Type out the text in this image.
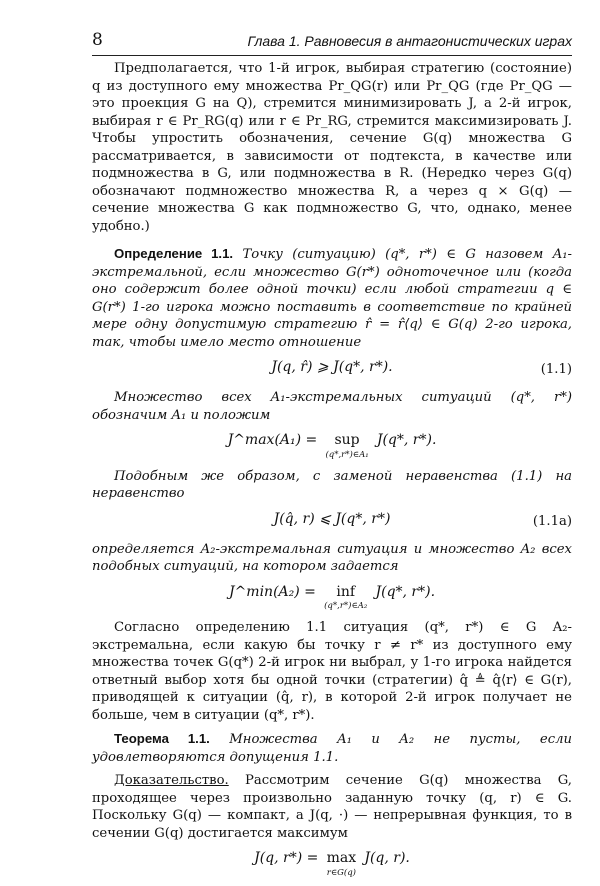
8	Глава 1. Равновесия в антагонистических играх

Предполагается, что 1-й игрок, выбирая стратегию (состояние) q из доступного ему множества Pr_QG(r) или Pr_QG (где Pr_QG — это проекция G на Q), стремится минимизировать J, а 2-й игрок, выбирая r ∈ Pr_RG(q) или r ∈ Pr_RG, стремится максимизировать J. Чтобы упростить обозначения, сечение G(q) множества G рассматривается, в зависимости от подтекста, в качестве или подмножества в G, или подмножества в R. (Нередко через G(q) обозначают подмножество множества R, а через q × G(q) — сечение множества G как подмножество G, что, однако, менее удобно.)

Определение 1.1. Точку (ситуацию) (q*, r*) ∈ G назовем A₁-экстремальной, если множество G(r*) одноточечное или (когда оно содержит более одной точки) если любой стратегии q ∈ G(r*) 1-го игрока можно поставить в соответствие по крайней мере одну допустимую стратегию r̂ = r̂⟨q⟩ ∈ G(q) 2-го игрока, так, чтобы имело место отношение

J(q, r̂) ⩾ J(q*, r*).	(1.1)

Множество всех A₁-экстремальных ситуаций (q*, r*) обозначим A₁ и положим

J^max(A₁) =	sup
(q*,r*)∈A₁
J(q*, r*).

Подобным же образом, с заменой неравенства (1.1) на неравенство

J(q̂, r) ⩽ J(q*, r*)	(1.1a)

определяется A₂-экстремальная ситуация и множество A₂ всех подобных ситуаций, на котором задается

J^min(A₂) =	inf
(q*,r*)∈A₂
J(q*, r*).

Согласно определению 1.1 ситуация (q*, r*) ∈ G A₂-экстремальна, если какую бы точку r ≠ r* из доступного ему множества точек G(q*) 2-й игрок ни выбрал, у 1-го игрока найдется ответный выбор хотя бы одной точки (стратегии) q̂ ≜ q̂⟨r⟩ ∈ G(r), приводящей к ситуации (q̂, r), в которой 2-й игрок получает не больше, чем в ситуации (q*, r*).

Теорема 1.1. Множества A₁ и A₂ не пусты, если удовлетворяются допущения 1.1.

Доказательство. Рассмотрим сечение G(q) множества G, проходящее через произвольно заданную точку (q, r) ∈ G. Поскольку G(q) — компакт, а J(q, ·) — непрерывная функция, то в сечении G(q) достигается максимум

J(q, r*) = max
r∈G(q)
J(q, r).
